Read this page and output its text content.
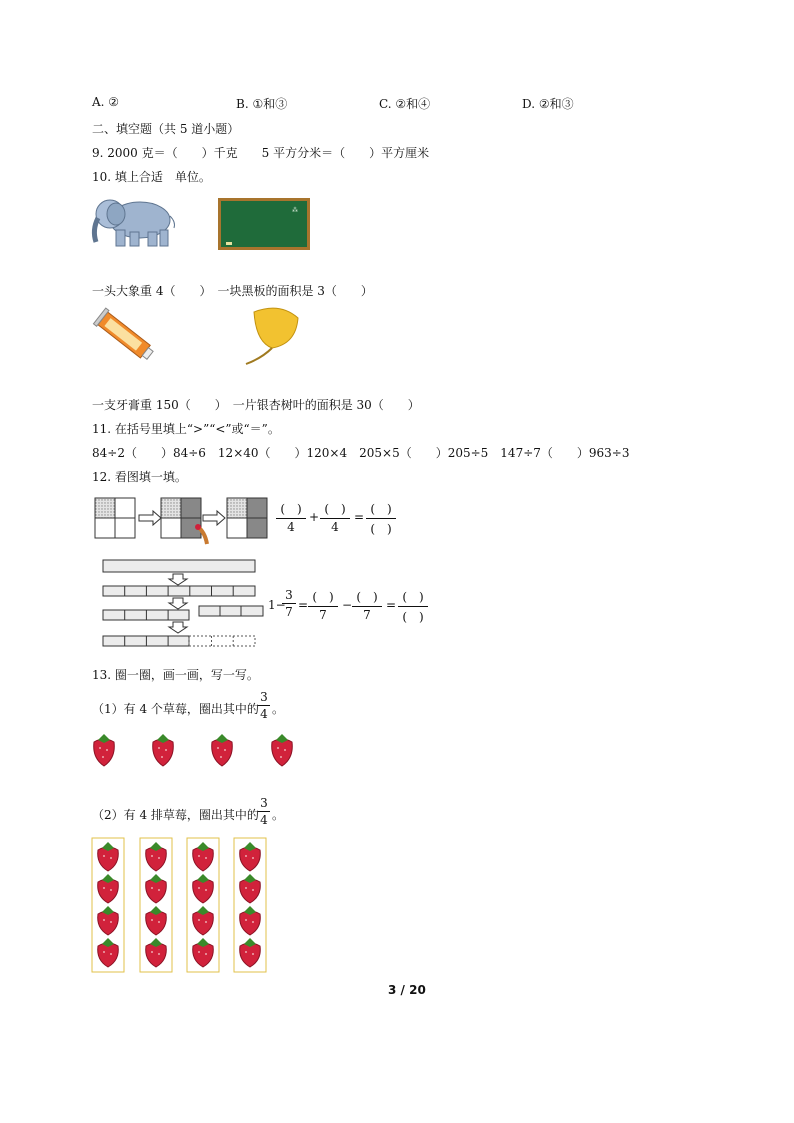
A. ②	B. ①和③	C. ②和④	D. ②和③
二、填空题（共 5 道小题）
9. 2000 克＝（　　）千克　　5 平方分米＝（　　）平方厘米
10. 填上合适　单位。
⁂
一头大象重 4（　　）　一块黑板的面积是 3（　　）
一支牙膏重 150（　　）　一片银杏树叶的面积是 30（　　）
11. 在括号里填上“>”“<”或“＝”。
84÷2（　　）84÷6　12×40（　　）120×4　205×5（　　）205÷5　147÷7（　　）963÷3
12. 看图填一填。
(　)
4
+
(　)
4
=
(　)
(　)
1−
3
7 =
(　)
7
−
(　)
7
=
(　)
(　)
13. 圈一圈，画一画，写一写。
（1）有 4 个草莓，圈出其中的
3
4 。
（2）有 4 排草莓，圈出其中的
3
4 。
3 / 20
